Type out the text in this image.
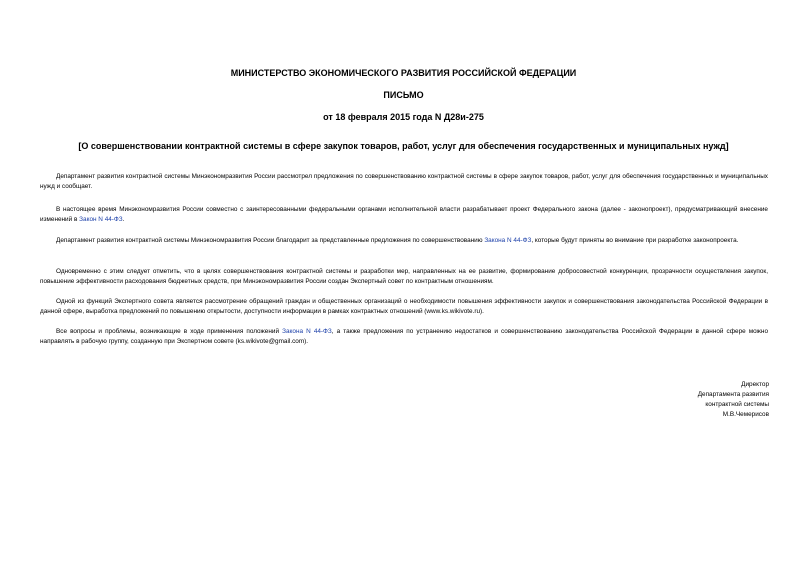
МИНИСТЕРСТВО ЭКОНОМИЧЕСКОГО РАЗВИТИЯ РОССИЙСКОЙ ФЕДЕРАЦИИ
ПИСЬМО
от 18 февраля 2015 года N Д28и-275
[О совершенствовании контрактной системы в сфере закупок товаров, работ, услуг для обеспечения государственных и муниципальных нужд]

Департамент развития контрактной системы Минэкономразвития России рассмотрел предложения по совершенствованию контрактной системы в сфере закупок товаров, работ, услуг для обеспечения государственных и муниципальных нужд и сообщает.

В настоящее время Минэкономразвития России совместно с заинтересованными федеральными органами исполнительной власти разрабатывает проект Федерального закона (далее - законопроект), предусматривающий внесение изменений в Закон N 44-ФЗ.

Департамент развития контрактной системы Минэкономразвития России благодарит за представленные предложения по совершенствованию Закона N 44-ФЗ, которые будут приняты во внимание при разработке законопроекта.

Одновременно с этим следует отметить, что в целях совершенствования контрактной системы и разработки мер, направленных на ее развитие, формирование добросовестной конкуренции, прозрачности осуществления закупок, повышение эффективности расходования бюджетных средств, при Минэкономразвития России создан Экспертный совет по контрактным отношениям.

Одной из функций Экспертного совета является рассмотрение обращений граждан и общественных организаций о необходимости повышения эффективности закупок и совершенствования законодательства Российской Федерации в данной сфере, выработка предложений по повышению открытости, доступности информации в рамках контрактных отношений (www.ks.wikivote.ru).

Все вопросы и проблемы, возникающие в ходе применения положений Закона N 44-ФЗ, а также предложения по устранению недостатков и совершенствованию законодательства Российской Федерации в данной сфере можно направлять в рабочую группу, созданную при Экспертном совете (ks.wikivote@gmail.com).

Директор
Департамента развития
контрактной системы
М.В.Чемерисов
